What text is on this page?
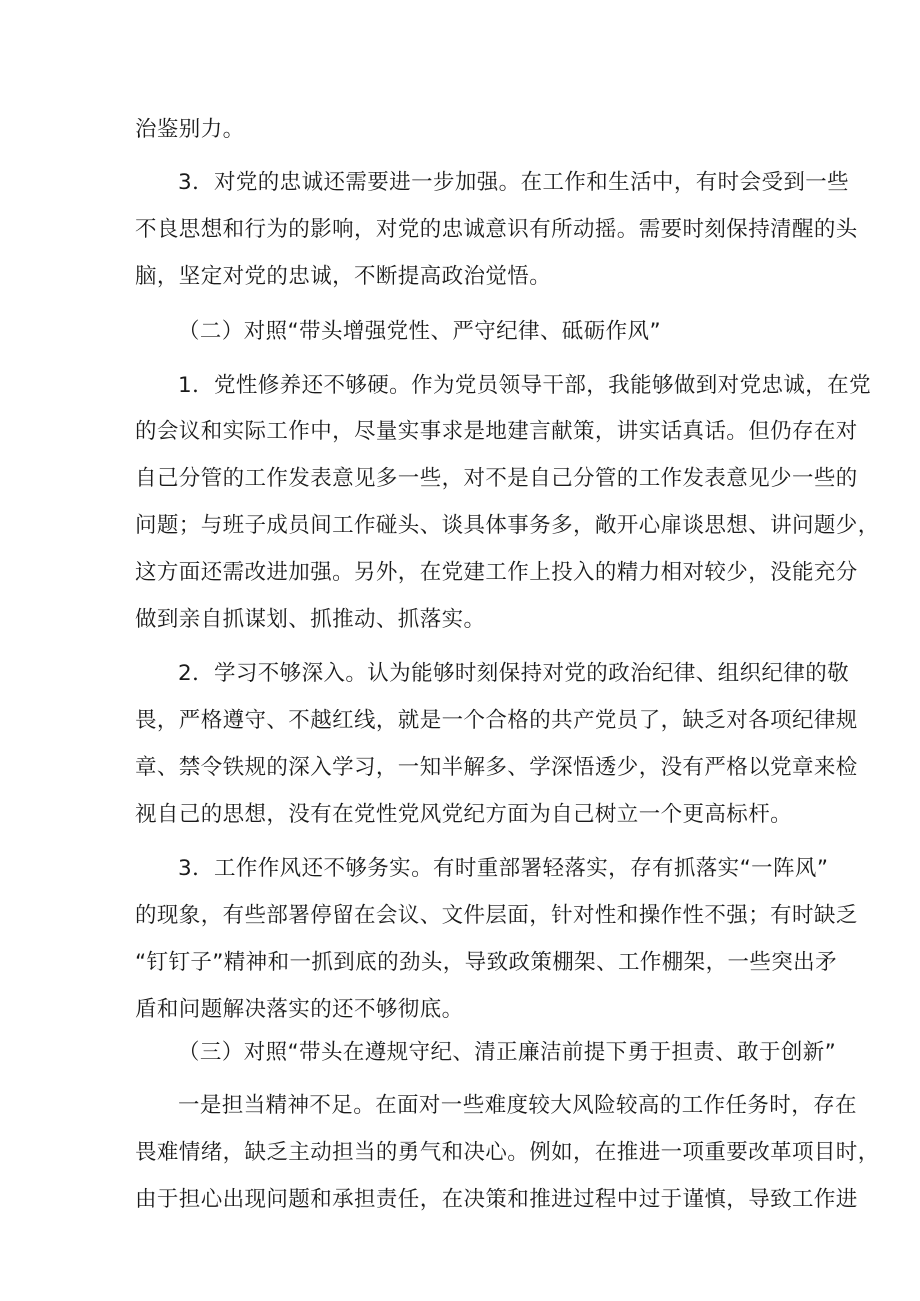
治鉴别力。
3．对党的忠诚还需要进一步加强。在工作和生活中，有时会受到一些
不良思想和行为的影响，对党的忠诚意识有所动摇。需要时刻保持清醒的头
脑，坚定对党的忠诚，不断提高政治觉悟。
（二）对照“带头增强党性、严守纪律、砥砺作风”
1．党性修养还不够硬。作为党员领导干部，我能够做到对党忠诚，在党
的会议和实际工作中，尽量实事求是地建言献策，讲实话真话。但仍存在对
自己分管的工作发表意见多一些，对不是自己分管的工作发表意见少一些的
问题；与班子成员间工作碰头、谈具体事务多，敞开心扉谈思想、讲问题少，
这方面还需改进加强。另外，在党建工作上投入的精力相对较少，没能充分
做到亲自抓谋划、抓推动、抓落实。
2．学习不够深入。认为能够时刻保持对党的政治纪律、组织纪律的敬
畏，严格遵守、不越红线，就是一个合格的共产党员了，缺乏对各项纪律规
章、禁令铁规的深入学习，一知半解多、学深悟透少，没有严格以党章来检
视自己的思想，没有在党性党风党纪方面为自己树立一个更高标杆。
3．工作作风还不够务实。有时重部署轻落实，存有抓落实“一阵风”
的现象，有些部署停留在会议、文件层面，针对性和操作性不强；有时缺乏
“钉钉子”精神和一抓到底的劲头，导致政策棚架、工作棚架，一些突出矛
盾和问题解决落实的还不够彻底。
（三）对照“带头在遵规守纪、清正廉洁前提下勇于担责、敢于创新”
一是担当精神不足。在面对一些难度较大风险较高的工作任务时，存在
畏难情绪，缺乏主动担当的勇气和决心。例如，在推进一项重要改革项目时，
由于担心出现问题和承担责任，在决策和推进过程中过于谨慎，导致工作进
